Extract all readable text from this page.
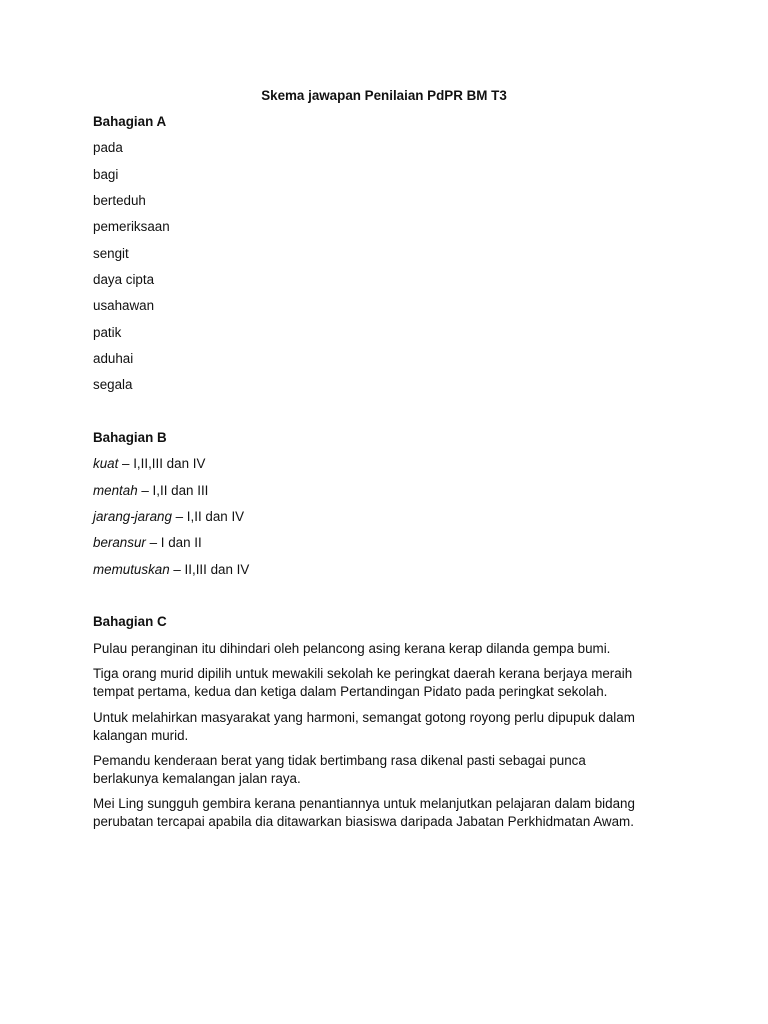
Skema jawapan Penilaian PdPR BM T3
Bahagian A
pada
bagi
berteduh
pemeriksaan
sengit
daya cipta
usahawan
patik
aduhai
segala
Bahagian B
kuat – I,II,III dan IV
mentah – I,II dan III
jarang-jarang – I,II dan IV
beransur – I dan II
memutuskan – II,III dan IV
Bahagian C
Pulau peranginan itu dihindari oleh pelancong asing kerana kerap dilanda gempa bumi.
Tiga orang murid dipilih untuk mewakili sekolah ke peringkat daerah kerana berjaya meraih
tempat pertama, kedua dan ketiga dalam Pertandingan Pidato pada peringkat sekolah.
Untuk melahirkan masyarakat yang harmoni, semangat gotong royong perlu dipupuk dalam
kalangan murid.
Pemandu kenderaan berat yang tidak bertimbang rasa dikenal pasti sebagai punca
berlakunya kemalangan jalan raya.
Mei Ling sungguh gembira kerana penantiannya untuk melanjutkan pelajaran dalam bidang
perubatan tercapai apabila dia ditawarkan biasiswa daripada Jabatan Perkhidmatan Awam.
